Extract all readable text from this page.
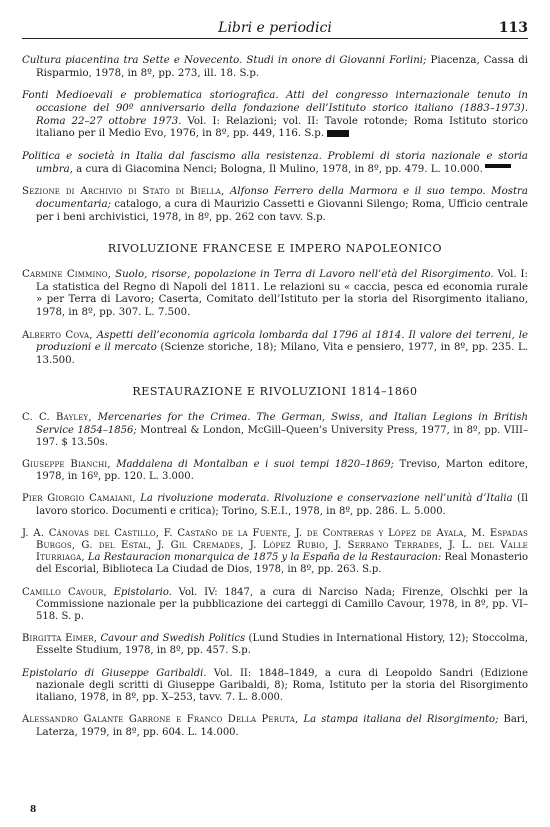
Libri e periodici	113

Cultura piacentina tra Sette e Novecento. Studi in onore di Giovanni Forlini; Piacenza, Cassa di Risparmio, 1978, in 8º, pp. 273, ill. 18. S.p.

Fonti Medioevali e problematica storiografica. Atti del congresso internazionale tenuto in occasione del 90º anniversario della fondazione dell’Istituto storico italiano (1883–1973). Roma 22–27 ottobre 1973. Vol. I: Relazioni; vol. II: Tavole rotonde; Roma Istituto storico italiano per il Medio Evo, 1976, in 8º, pp. 449, 116. S.p.

Politica e società in Italia dal fascismo alla resistenza. Problemi di storia nazionale e storia umbra, a cura di Giacomina Nenci; Bologna, Il Mulino, 1978, in 8º, pp. 479. L. 10.000.

Sezione di Archivio di Stato di Biella, Alfonso Ferrero della Marmora e il suo tempo. Mostra documentaria; catalogo, a cura di Maurizio Cassetti e Giovanni Silengo; Roma, Ufficio centrale per i beni archivistici, 1978, in 8º, pp. 262 con tavv. S.p.

RIVOLUZIONE FRANCESE E IMPERO NAPOLEONICO

Carmine Cimmino, Suolo, risorse, popolazione in Terra di Lavoro nell’età del Risorgimento. Vol. I: La statistica del Regno di Napoli del 1811. Le relazioni su « caccia, pesca ed economia rurale » per Terra di Lavoro; Caserta, Comitato dell’Istituto per la storia del Risorgimento italiano, 1978, in 8º, pp. 307. L. 7.500.

Alberto Cova, Aspetti dell’economia agricola lombarda dal 1796 al 1814. Il valore dei terreni, le produzioni e il mercato (Scienze storiche, 18); Milano, Vita e pensiero, 1977, in 8º, pp. 235. L. 13.500.

RESTAURAZIONE E RIVOLUZIONI 1814–1860

C. C. Bayley, Mercenaries for the Crimea. The German, Swiss, and Italian Legions in British Service 1854–1856; Montreal & London, McGill–Queen’s University Press, 1977, in 8º, pp. VIII–197. $ 13.50s.

Giuseppe Bianchi, Maddalena di Montalban e i suoi tempi 1820–1869; Treviso, Marton editore, 1978, in 16º, pp. 120. L. 3.000.

Pier Giorgio Camaiani, La rivoluzione moderata. Rivoluzione e conservazione nell’unità d’Italia (Il lavoro storico. Documenti e critica); Torino, S.E.I., 1978, in 8º, pp. 286. L. 5.000.

J. A. Cánovas del Castillo, F. Castaño de la Fuente, J. de Contreras y López de Ayala, M. Espadas Burgos, G. del Estal, J. Gil Cremades, J. López Rubio, J. Serrano Terrades, J. L. del Valle Iturriaga, La Restauracion monarquica de 1875 y la España de la Restauracion: Real Monasterio del Escorial, Biblioteca La Ciudad de Dios, 1978, in 8º, pp. 263. S.p.

Camillo Cavour, Epistolario. Vol. IV: 1847, a cura di Narciso Nada; Firenze, Olschki per la Commissione nazionale per la pubblicazione dei carteggi di Camillo Cavour, 1978, in 8º, pp. VI–518. S. p.

Birgitta Eimer, Cavour and Swedish Politics (Lund Studies in International History, 12); Stoccolma, Esselte Studium, 1978, in 8º, pp. 457. S.p.

Epistolario di Giuseppe Garibaldi. Vol. II: 1848–1849, a cura di Leopoldo Sandri (Edizione nazionale degli scritti di Giuseppe Garibaldi, 8); Roma, Istituto per la storia del Risorgimento italiano, 1978, in 8º, pp. X–253, tavv. 7. L. 8.000.

Alessandro Galante Garrone e Franco Della Peruta, La stampa italiana del Risorgimento; Bari, Laterza, 1979, in 8º, pp. 604. L. 14.000.

8
